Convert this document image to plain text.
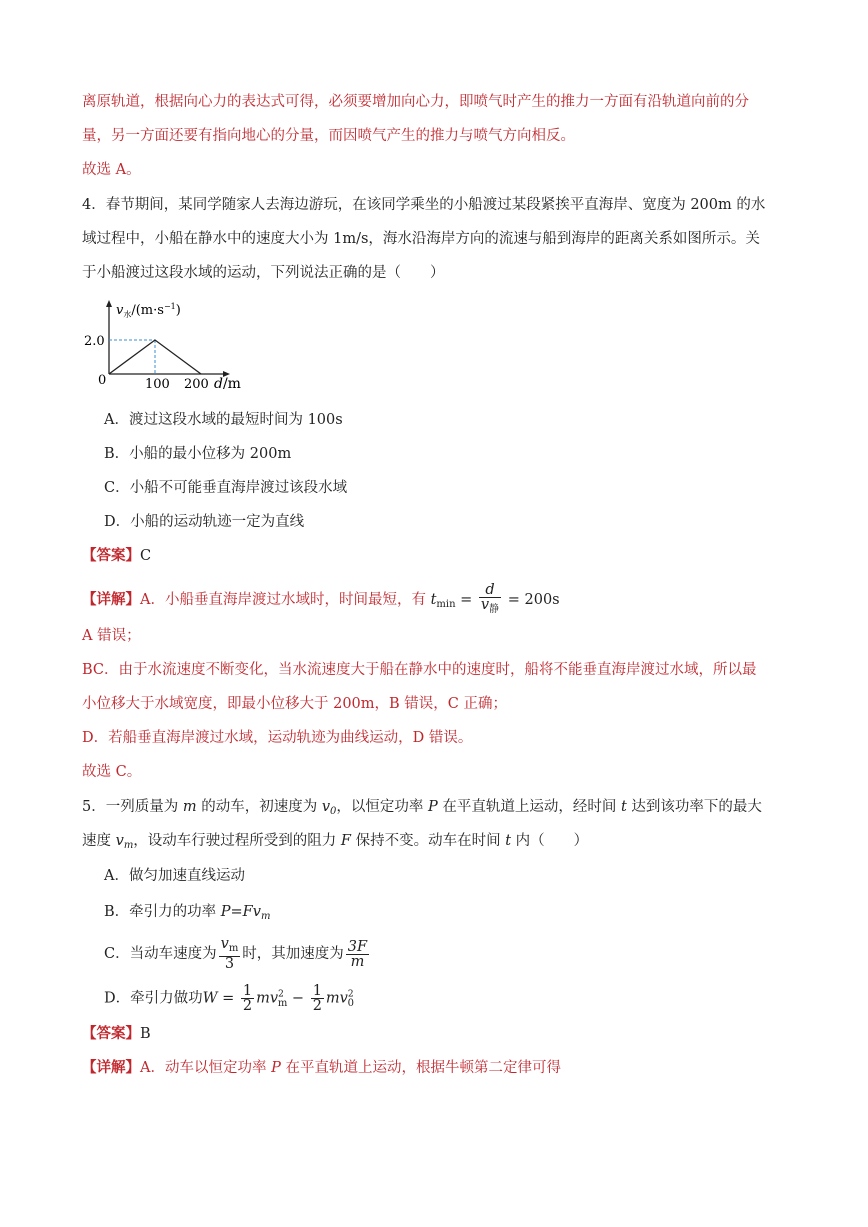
离原轨道，根据向心力的表达式可得，必须要增加向心力，即喷气时产生的推力一方面有沿轨道向前的分
量，另一方面还要有指向地心的分量，而因喷气产生的推力与喷气方向相反。
故选 A。
4．春节期间，某同学随家人去海边游玩，在该同学乘坐的小船渡过某段紧挨平直海岸、宽度为 200m 的水
域过程中，小船在静水中的速度大小为 1m/s，海水沿海岸方向的流速与船到海岸的距离关系如图所示。关
于小船渡过这段水域的运动，下列说法正确的是（　　）
$v_水/(m\cdot s^{-1})$
2.0
0	100 200 d/m
A．渡过这段水域的最短时间为 100s
B．小船的最小位移为 200m
C．小船不可能垂直海岸渡过该段水域
D．小船的运动轨迹一定为直线
【答案】C
【详解】A．小船垂直海岸渡过水域时，时间最短，有 $t_{min} = \frac{d}{v_静} = 200s$
A 错误；
BC．由于水流速度不断变化，当水流速度大于船在静水中的速度时，船将不能垂直海岸渡过水域，所以最
小位移大于水域宽度，即最小位移大于 200m，B 错误，C 正确；
D．若船垂直海岸渡过水域，运动轨迹为曲线运动，D 错误。
故选 C。
5．一列质量为 m 的动车，初速度为 $v_0$，以恒定功率 P 在平直轨道上运动，经时间 t 达到该功率下的最大
速度 $v_m$，设动车行驶过程所受到的阻力 F 保持不变。动车在时间 t 内（　　）
A．做匀加速直线运动
B．牵引力的功率 $P=Fv_m$
C．当动车速度为 $\frac{v_m}{3}$ 时，其加速度为 $\frac{3F}{m}$
D．牵引力做功$W = \frac{1}{2} mv^2_m - \frac{1}{2} mv^2_0$
【答案】B
【详解】A．动车以恒定功率 P 在平直轨道上运动，根据牛顿第二定律可得
